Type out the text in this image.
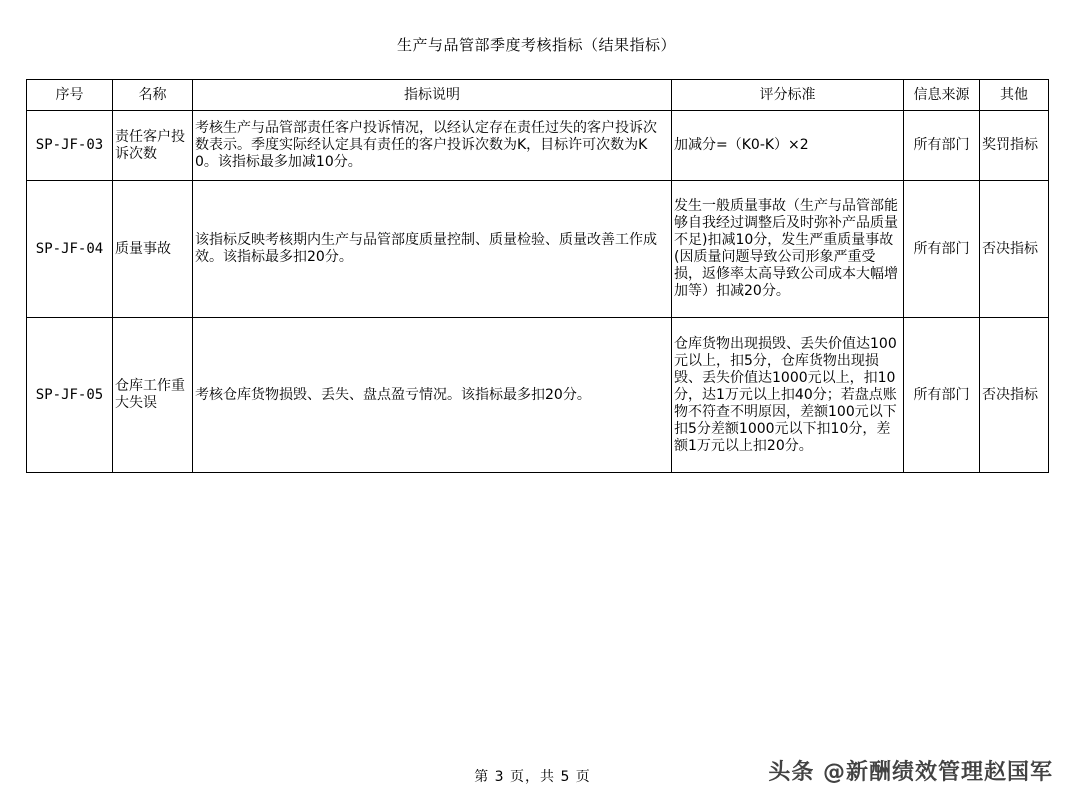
生产与品管部季度考核指标（结果指标）
序号	名称	指标说明	评分标准	信息来源	其他
SP-JF-03	责任客户投诉次数	考核生产与品管部责任客户投诉情况，以经认定存在责任过失的客户投诉次数表示。季度实际经认定具有责任的客户投诉次数为K，目标许可次数为K0。该指标最多加减10分。	加减分=（K0-K）×2	所有部门	奖罚指标
SP-JF-04	质量事故	该指标反映考核期内生产与品管部度质量控制、质量检验、质量改善工作成效。该指标最多扣20分。	发生一般质量事故（生产与品管部能够自我经过调整后及时弥补产品质量不足)扣减10分，发生严重质量事故(因质量问题导致公司形象严重受损，返修率太高导致公司成本大幅增加等）扣减20分。	所有部门	否决指标
SP-JF-05	仓库工作重大失误	考核仓库货物损毁、丢失、盘点盈亏情况。该指标最多扣20分。	仓库货物出现损毁、丢失价值达100元以上，扣5分，仓库货物出现损毁、丢失价值达1000元以上，扣10分，达1万元以上扣40分；若盘点账物不符查不明原因，差额100元以下扣5分差额1000元以下扣10分，差额1万元以上扣20分。	所有部门	否决指标
第 3 页，共 5 页	头条 @新酬绩效管理赵国军
